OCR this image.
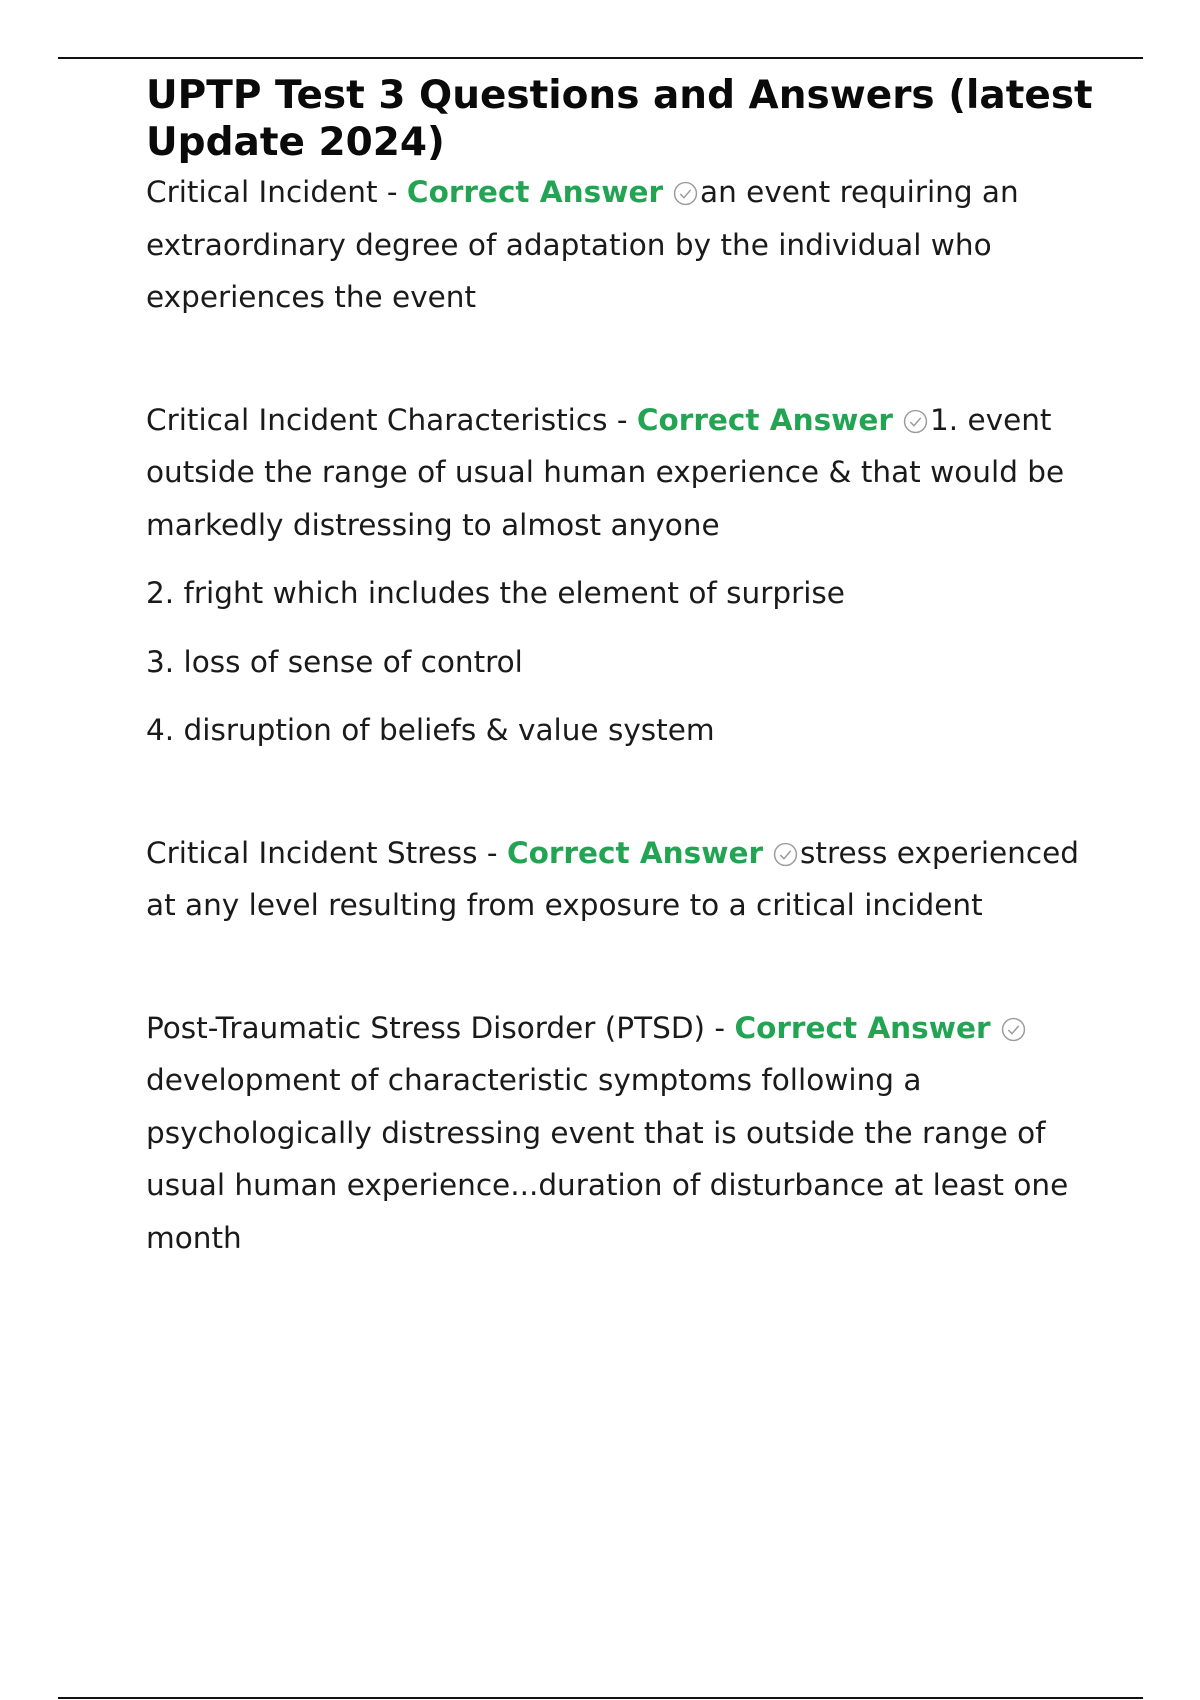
UPTP Test 3 Questions and Answers (latest Update 2024)

Critical Incident - Correct Answer an event requiring an extraordinary degree of adaptation by the individual who experiences the event

Critical Incident Characteristics - Correct Answer 1. event outside the range of usual human experience & that would be markedly distressing to almost anyone

2. fright which includes the element of surprise

3. loss of sense of control

4. disruption of beliefs & value system

Critical Incident Stress - Correct Answer stress experienced at any level resulting from exposure to a critical incident

Post-Traumatic Stress Disorder (PTSD) - Correct Answer
development of characteristic symptoms following a psychologically distressing event that is outside the range of usual human experience...duration of disturbance at least one month
